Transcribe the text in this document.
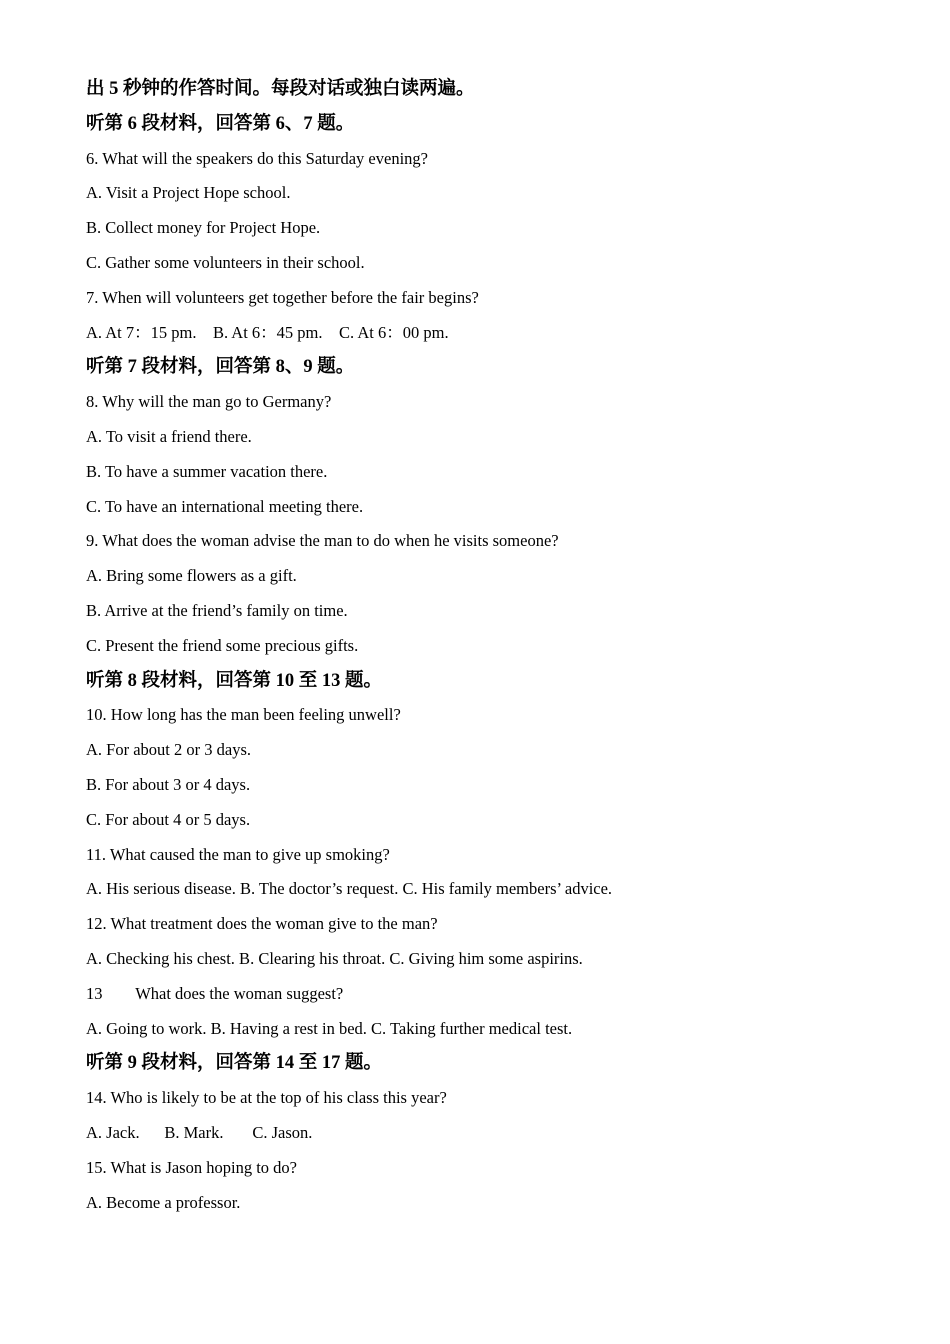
出 5 秒钟的作答时间。每段对话或独白读两遍。

听第 6 段材料，回答第 6、7 题。

6. What will the speakers do this Saturday evening?

A. Visit a Project Hope school.

B. Collect money for Project Hope.

C. Gather some volunteers in their school.

7. When will volunteers get together before the fair begins?

A. At 7：15 pm.    B. At 6：45 pm.    C. At 6：00 pm.

听第 7 段材料，回答第 8、9 题。

8. Why will the man go to Germany?

A. To visit a friend there.

B. To have a summer vacation there.

C. To have an international meeting there.

9. What does the woman advise the man to do when he visits someone?

A. Bring some flowers as a gift.

B. Arrive at the friend’s family on time.

C. Present the friend some precious gifts.

听第 8 段材料，回答第 10 至 13 题。

10. How long has the man been feeling unwell?

A. For about 2 or 3 days.

B. For about 3 or 4 days.

C. For about 4 or 5 days.

11. What caused the man to give up smoking?

A. His serious disease. B. The doctor’s request. C. His family members’ advice.

12. What treatment does the woman give to the man?

A. Checking his chest. B. Clearing his throat. C. Giving him some aspirins.

13        What does the woman suggest?

A. Going to work. B. Having a rest in bed. C. Taking further medical test.

听第 9 段材料，回答第 14 至 17 题。

14. Who is likely to be at the top of his class this year?

A. Jack.      B. Mark.       C. Jason.

15. What is Jason hoping to do?

A. Become a professor.
